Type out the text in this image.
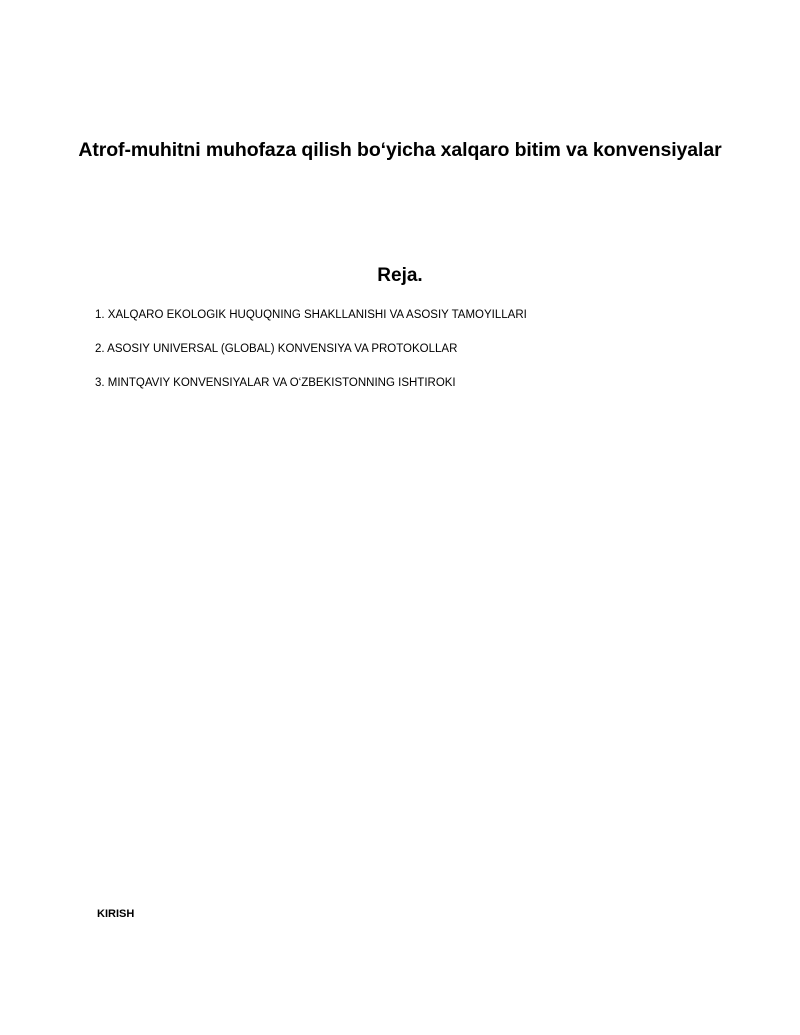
Atrof-muhitni muhofaza qilish bo‘yicha xalqaro bitim va konvensiyalar
Reja.
1. XALQARO EKOLOGIK HUQUQNING SHAKLLANISHI VA ASOSIY TAMOYILLARI
2. ASOSIY UNIVERSAL (GLOBAL) KONVENSIYA VA PROTOKOLLAR
3. MINTQAVIY KONVENSIYALAR VA O‘ZBEKISTONNING ISHTIROKI
KIRISH
